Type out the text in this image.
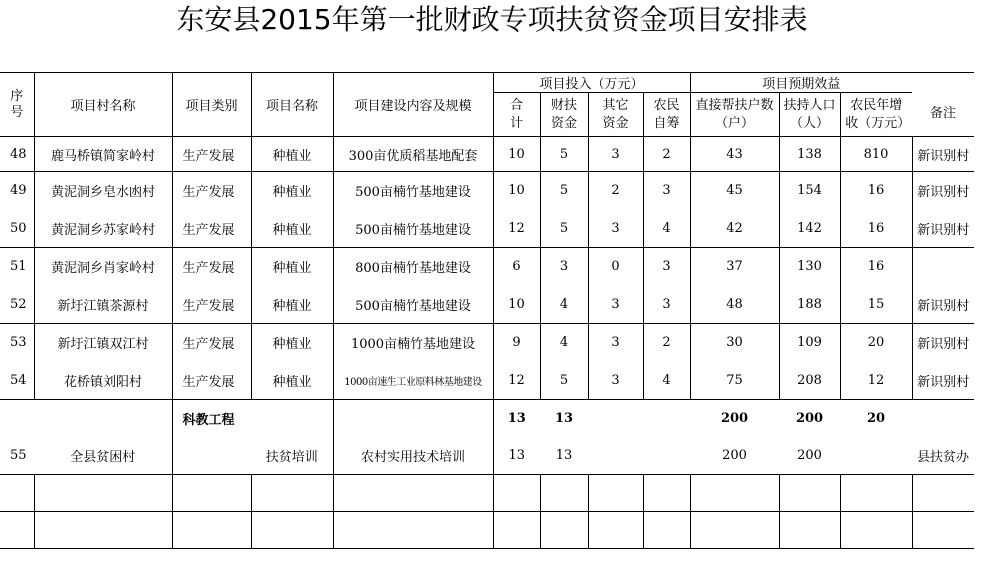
东安县2015年第一批财政专项扶贫资金项目安排表
序号	项目村名称	项目类别	项目名称	项目建设内容及规模	项目投入（万元）				项目预期效益			
					合计	财扶资金	其它资金	农民自筹	直接帮扶户数（户）	扶持人口（人）	农民年增收（万元）	备注
48	鹿马桥镇简家岭村	生产发展	种植业	300亩优质稻基地配套	10	5	3	2	43	138	810	新识别村
49	黄泥洞乡皂水凼村	生产发展	种植业	500亩楠竹基地建设	10	5	2	3	45	154	16	新识别村
50	黄泥洞乡苏家岭村	生产发展	种植业	500亩楠竹基地建设	12	5	3	4	42	142	16	新识别村
51	黄泥洞乡肖家岭村	生产发展	种植业	800亩楠竹基地建设	6	3	0	3	37	130	16	
52	新圩江镇茶源村	生产发展	种植业	500亩楠竹基地建设	10	4	3	3	48	188	15	新识别村
53	新圩江镇双江村	生产发展	种植业	1000亩楠竹基地建设	9	4	3	2	30	109	20	新识别村
54	花桥镇刘阳村	生产发展	种植业	1000亩速生工业原料林基地建设	12	5	3	4	75	208	12	新识别村
		科教工程			13	13			200	200	20	
55	全县贫困村		扶贫培训	农村实用技术培训	13	13			200	200		县扶贫办
